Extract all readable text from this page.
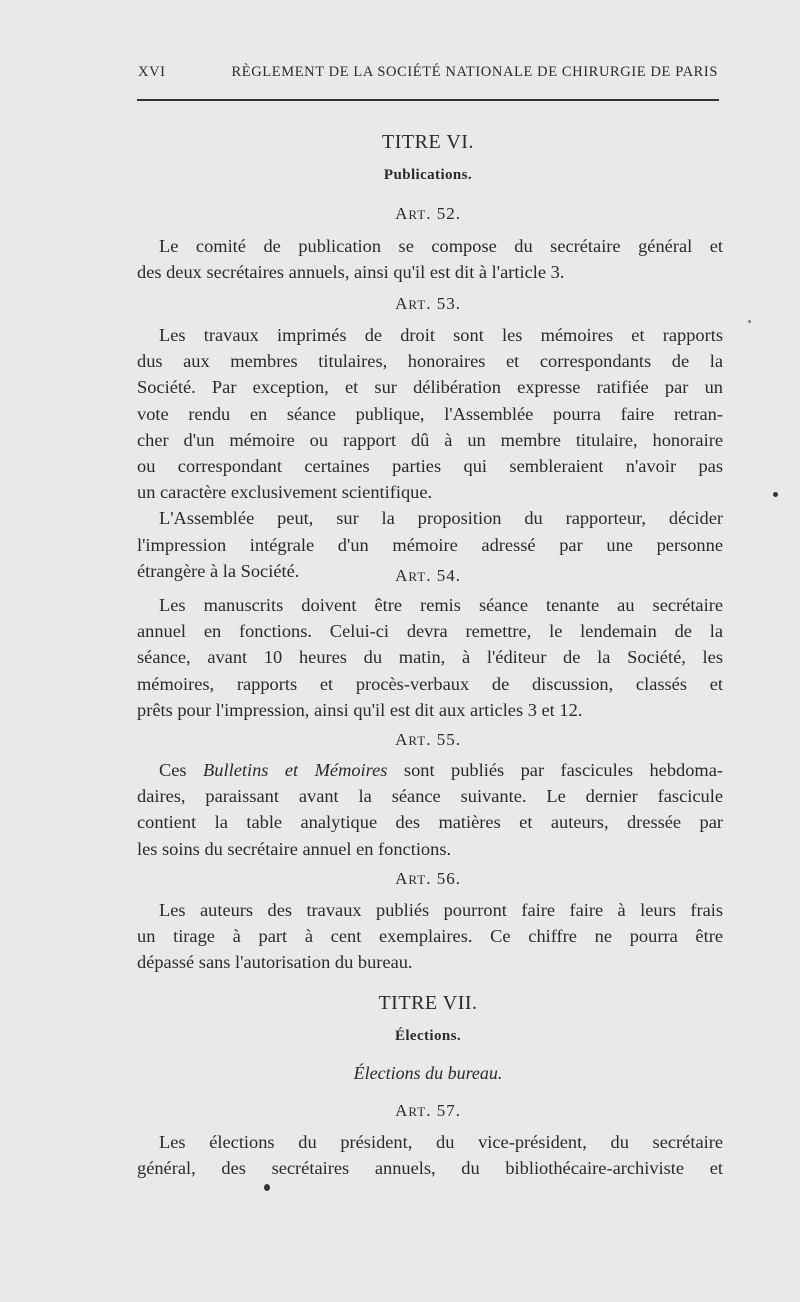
XVI	RÈGLEMENT DE LA SOCIÉTÉ NATIONALE DE CHIRURGIE DE PARIS
TITRE VI.
Publications.
ART. 52.
Le comité de publication se compose du secrétaire général et
des deux secrétaires annuels, ainsi qu'il est dit à l'article 3.
ART. 53.
Les travaux imprimés de droit sont les mémoires et rapports
dus aux membres titulaires, honoraires et correspondants de la
Société. Par exception, et sur délibération expresse ratifiée par un
vote rendu en séance publique, l'Assemblée pourra faire retran-
cher d'un mémoire ou rapport dû à un membre titulaire, honoraire
ou correspondant certaines parties qui sembleraient n'avoir pas
un caractère exclusivement scientifique.
L'Assemblée peut, sur la proposition du rapporteur, décider
l'impression intégrale d'un mémoire adressé par une personne
étrangère à la Société.	ART. 54.
Les manuscrits doivent être remis séance tenante au secrétaire
annuel en fonctions. Celui-ci devra remettre, le lendemain de la
séance, avant 10 heures du matin, à l'éditeur de la Société, les
mémoires, rapports et procès-verbaux de discussion, classés et
prêts pour l'impression, ainsi qu'il est dit aux articles 3 et 12.
ART. 55.
Ces Bulletins et Mémoires sont publiés par fascicules hebdoma-
daires, paraissant avant la séance suivante. Le dernier fascicule
contient la table analytique des matières et auteurs, dressée par
les soins du secrétaire annuel en fonctions.
ART. 56.
Les auteurs des travaux publiés pourront faire faire à leurs frais
un tirage à part à cent exemplaires. Ce chiffre ne pourra être
dépassé sans l'autorisation du bureau.
TITRE VII.
Élections.
Élections du bureau.
ART. 57.
Les élections du président, du vice-président, du secrétaire
général, des secrétaires annuels, du bibliothécaire-archiviste et
